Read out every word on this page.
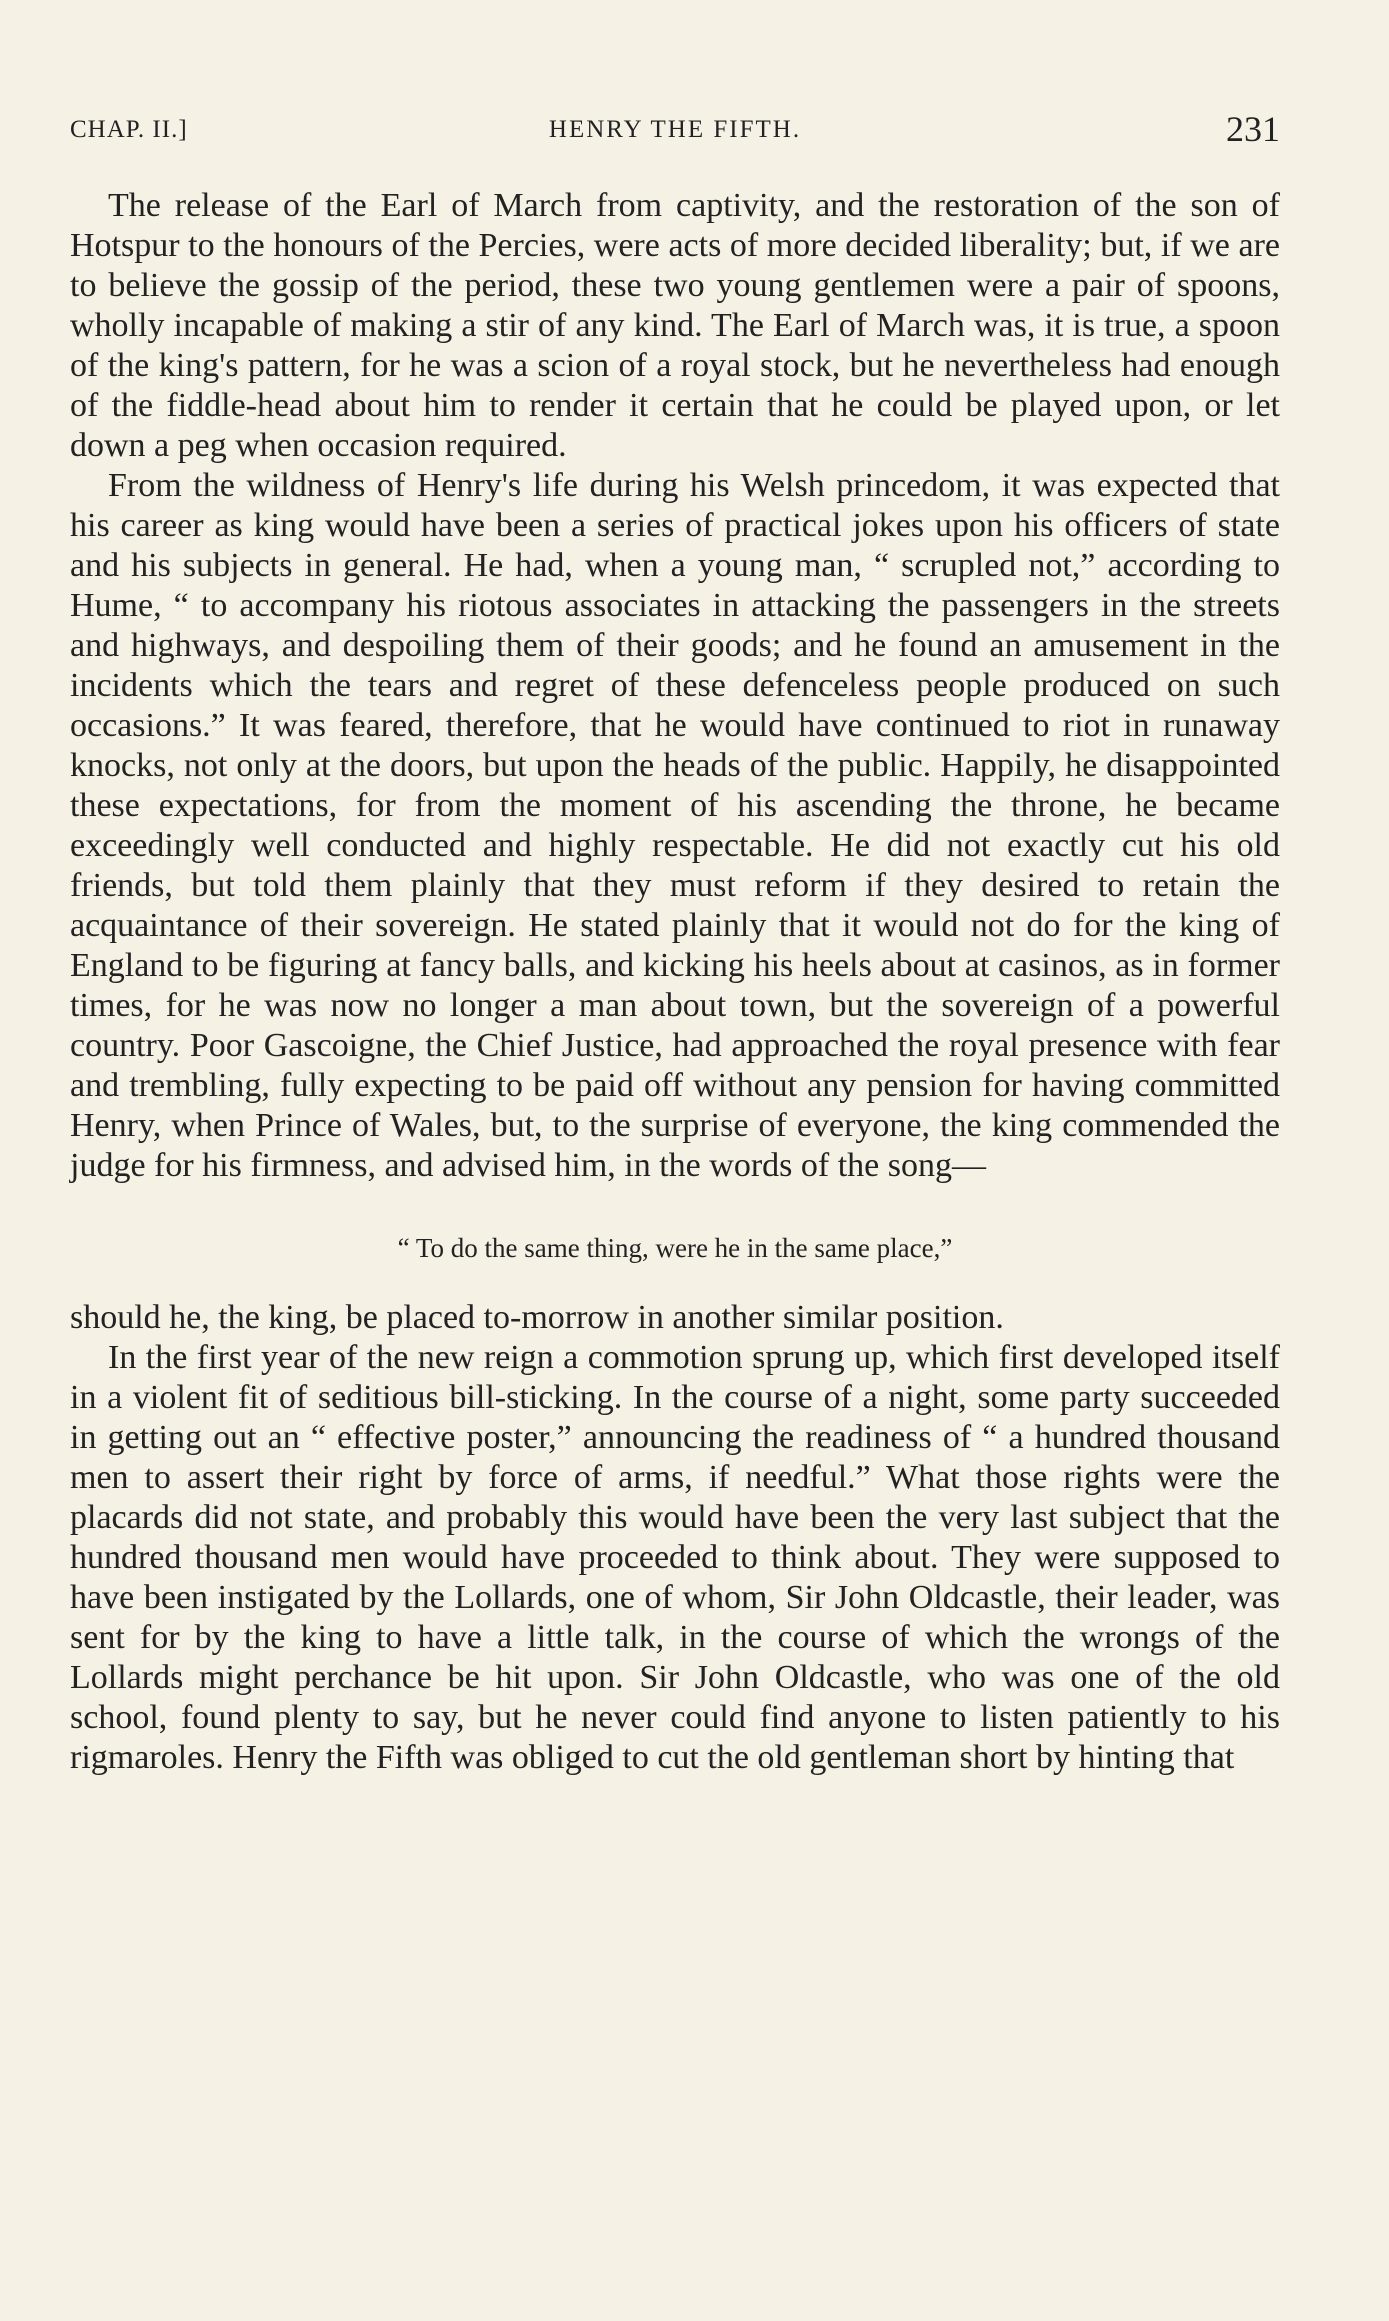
CHAP. II.]	HENRY THE FIFTH.	231

The release of the Earl of March from captivity, and the restoration of the son of Hotspur to the honours of the Percies, were acts of more decided liberality; but, if we are to believe the gossip of the period, these two young gentlemen were a pair of spoons, wholly incapable of making a stir of any kind. The Earl of March was, it is true, a spoon of the king's pattern, for he was a scion of a royal stock, but he nevertheless had enough of the fiddle-head about him to render it certain that he could be played upon, or let down a peg when occasion required.

From the wildness of Henry's life during his Welsh princedom, it was expected that his career as king would have been a series of practical jokes upon his officers of state and his subjects in general. He had, when a young man, “ scrupled not,” according to Hume, “ to accompany his riotous associates in attacking the passengers in the streets and highways, and despoiling them of their goods; and he found an amusement in the incidents which the tears and regret of these defenceless people produced on such occasions.” It was feared, therefore, that he would have continued to riot in runaway knocks, not only at the doors, but upon the heads of the public. Happily, he disappointed these expectations, for from the moment of his ascending the throne, he became exceedingly well conducted and highly respectable. He did not exactly cut his old friends, but told them plainly that they must reform if they desired to retain the acquaintance of their sovereign. He stated plainly that it would not do for the king of England to be figuring at fancy balls, and kicking his heels about at casinos, as in former times, for he was now no longer a man about town, but the sovereign of a powerful country. Poor Gascoigne, the Chief Justice, had approached the royal presence with fear and trembling, fully expecting to be paid off without any pension for having committed Henry, when Prince of Wales, but, to the surprise of everyone, the king commended the judge for his firmness, and advised him, in the words of the song—

“ To do the same thing, were he in the same place,”

should he, the king, be placed to-morrow in another similar position.

In the first year of the new reign a commotion sprung up, which first developed itself in a violent fit of seditious bill-sticking. In the course of a night, some party succeeded in getting out an “ effective poster,” announcing the readiness of “ a hundred thousand men to assert their right by force of arms, if needful.” What those rights were the placards did not state, and probably this would have been the very last subject that the hundred thousand men would have proceeded to think about. They were supposed to have been instigated by the Lollards, one of whom, Sir John Oldcastle, their leader, was sent for by the king to have a little talk, in the course of which the wrongs of the Lollards might perchance be hit upon. Sir John Oldcastle, who was one of the old school, found plenty to say, but he never could find anyone to listen patiently to his rigmaroles. Henry the Fifth was obliged to cut the old gentleman short by hinting that
